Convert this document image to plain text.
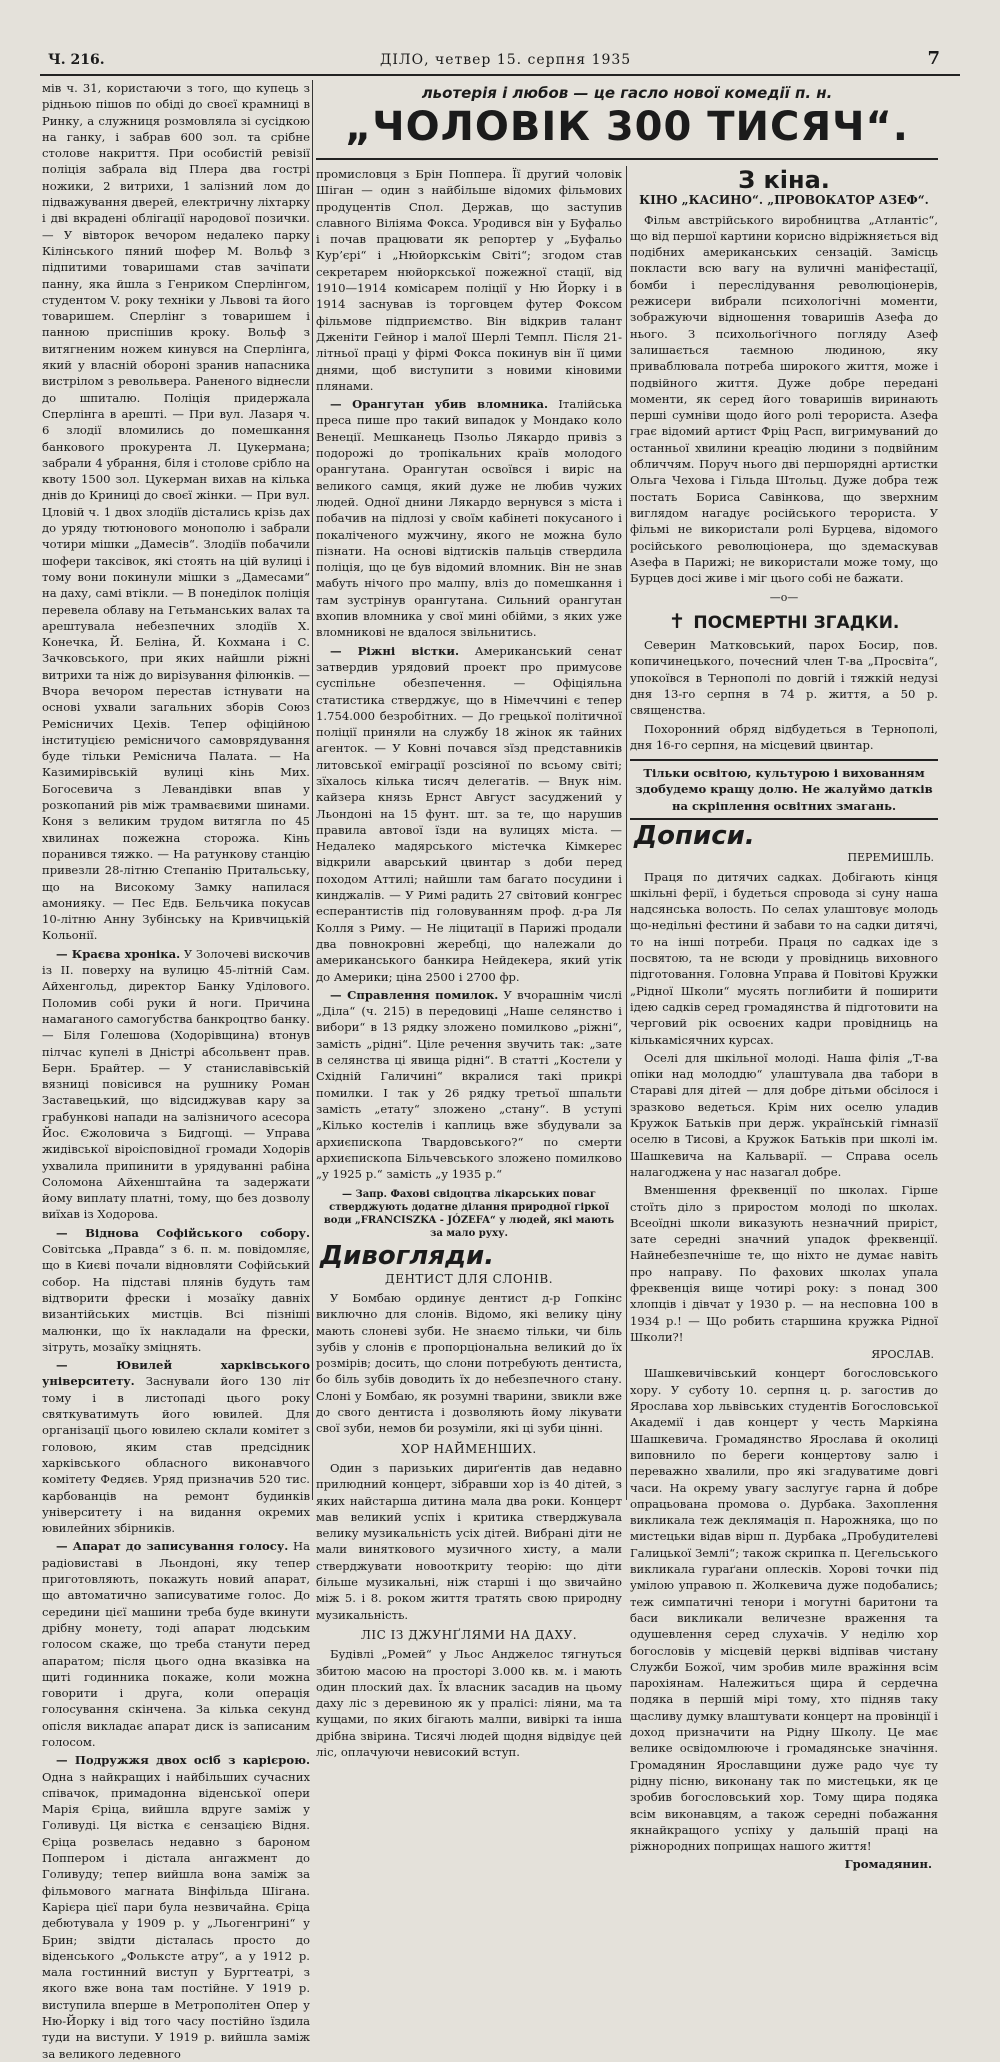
Ч. 216.	ДІЛО, четвер 15. серпня 1935	7

мів ч. 31, користаючи з того, що купець з рідньою пішов по обіді до своєї крамниці в Ринку, а служниця розмовляла зі сусідкою на ганку, і забрав 600 зол. та срібне столове накриття. При особистій ревізії поліція забрала від Плера два гострі ножики, 2 витрихи, 1 залізний лом до підважування дверей, електричну ліхтарку і дві вкрадені облігації народової позички. — У вівторок вечором недалеко парку Кілінського пяний шофер М. Вольф з підпитими товаришами став зачіпати панну, яка йшла з Генриком Сперлінгом, студентом V. року техніки у Львові та його товаришем. Сперлінг з товаришем і панною приспішив кроку. Вольф з витягненим ножем кинувся на Сперлінга, який у власній обороні зранив напасника вистрілом з револьвера. Раненого віднесли до шпиталю. Поліція придержала Сперлінга в арешті. — При вул. Лазаря ч. 6 злодії вломились до помешкання банкового прокурента Л. Цукермана; забрали 4 убрання, біля і столове срібло на квоту 1500 зол. Цукерман вихав на кілька днів до Криниці до своєї жінки. — При вул. Цловій ч. 1 двох злодіїв дістались крізь дах до уряду тютюнового монополю і забрали чотири мішки „Дамесів“. Злодіїв побачили шофери таксівок, які стоять на цій вулиці і тому вони покинули мішки з „Дамесами“ на даху, самі втікли. — В понеділок поліція перевела облаву на Гетьманських валах та арештувала небезпечних злодіїв Х. Конечка, Й. Беліна, Й. Кохмана і С. Зачковського, при яких найшли ріжні витрихи та ніж до вирізування філюнків. — Вчора вечором перестав істнувати на основі ухвали загальних зборів Союз Ремісничих Цехів. Тепер офіційною інституцією ремісничого самоврядування буде тільки Ремісничa Палата. — На Казимирівській вулиці кінь Мих. Богосевича з Левандівки впав у розкопаний рів між трамваєвими шинами. Коня з великим трудом витягла по 45 хвилинах пожежна сторожа. Кінь поранився тяжко. — На ратункову станцію привезли 28-літню Степанію Притальську, що на Високому Замку напилася амонияку. — Пес Едв. Бельчика покусав 10-літню Анну Зубінську на Кривчицькій Кольонії.

— Краєва хроніка. У Золочеві вискочив із II. поверху на вулицю 45-літній Сам. Айхенгольд, директор Банку Уділового. Поломив собі руки й ноги. Причина намаганого самогубства банкрoцтво банку. — Біля Голешова (Ходорівщина) втонув пілчас купелі в Дністрі абсольвент прав. Берн. Брайтер. — У станиславівській вязниці повісився на рушнику Роман Заставецький, що відсиджував кару за грабункові напади на залізничого асесора Йос. Єжоловича з Бидгощі. — Управа жидівської віроісповідної громади Ходорів ухвалила припинити в урядуванні рабіна Соломона Айхенштайна та задержати йому виплату платні, тому, що без дозволу виїхав із Ходорова.

— Віднова Софійського собору. Совітська „Правда“ з 6. п. м. повідомляє, що в Києві почали відновляти Софійський собор. На підставі плянів будуть там відтворити фрески і мозаїку давніх византійських мистців. Всі пізніші малюнки, що їх накладали на фрески, зітруть, мозаїку зміцнять.

— Ювилей харківського університету. Заснували його 130 літ тому і в листопаді цього року святкуватимуть його ювилей. Для організації цього ювилею склали комітет з головою, яким став предсідник харківського обласного виконавчого комітету Федяєв. Уряд призначив 520 тис. карбованців на ремонт будинків університету і на видання окремих ювилейних збірників.

— Апарат до записування голосу. На радіовиставі в Льондоні, яку тепер приготовляють, покажуть новий апарат, що автоматично записуватиме голос. До середини цієї машини треба буде вкинути дрібну монету, тоді апарат людським голосом скаже, що треба станути перед апаратом; після цього одна вказівка на щиті годинника покаже, коли можна говорити і друга, коли операція голосування скінчена. За кілька секунд опісля викладає апарат диск із записаним голосом.

— Подружжя двох осіб з карієрою. Одна з найкращих і найбільших сучасних співачок, примадонна віденської опери Марія Єріца, вийшла вдруге заміж у Голивуді. Ця вістка є сензацією Відня. Єріца розвелась недавно з бароном Поппером і дістала ангажмент до Голивуду; тепер вийшла вона заміж за фільмового магната Вінфільда Шігана. Карієра цієї пари була незвичайна. Єріца дебютувала у 1909 р. у „Льогенгрині“ у Брин; звідти дісталась просто до віденського „Фольксте атру“, а у 1912 р. мала гостинний виступ у Бургтеатрі, з якого вже вона там постійне. У 1919 р. виступила вперше в Метрополітен Опер у Ню-Йорку і від того часу постійно їздила туди на виступи. У 1919 р. вийшла заміж за великого ледевного

льотерія і любов — це гасло нової комедії п. н.
„ЧОЛОВІК 300 ТИСЯЧ“.

промисловця з Брін Поппера. Її другий чоловік Шіган — один з найбільше відомих фільмових продуцентів Спол. Держав, що заступив славного Віліяма Фокса. Уродився він у Буфальо і почав працювати як репортер у „Буфальо Кур’єрі“ і „Нюйоркськім Світі“; згодом став секретарем нюйоркської пожежної стації, від 1910—1914 комісарем поліції у Ню Йорку і в 1914 заснував із торговцем футер Фоксом фільмове підприємство. Він відкрив талант Дженіти Гейнор і малої Шерлі Темпл. Після 21-літньої праці у фірмі Фокса покинув він її цими днями, щоб виступити з новими кіновими плянами.

— Орангутан убив вломника. Італійська преса пише про такий випадок у Мондако коло Венеції. Мешканець Пзольо Лякардо привіз з подорожі до тропікальних країв молодого орангутана. Орангутан освоївся і виріс на великого самця, який дуже не любив чужих людей. Одної днини Лякардо вернувся з міста і побачив на підлозі у своїм кабінеті покусаного і покаліченого мужчину, якого не можна було пізнати. На основі відтисків пальців ствердила поліція, що це був відомий вломник. Він не знав мабуть нічого про малпу, вліз до помешкання і там зустрінув орангутана. Сильний орангутан вхопив вломника у свої мині обійми, з яких уже вломникові не вдалося звільнитись.

— Ріжні вістки. Американський сенат затвердив урядовий проект про примусове суспільне обезпечення. — Офіціяльна статистика стверджує, що в Німеччині є тепер 1.754.000 безробітних. — До грецької політичної поліції приняли на службу 18 жінок як тайних агенток. — У Ковні почався зїзд представників литовської еміграції розсіяної по всьому світі; зїхалось кілька тисяч делегатів. — Внук нім. кайзера князь Ернст Август засуджений у Льондоні на 15 фунт. шт. за те, що нарушив правила автової їзди на вулицях міста. — Недалеко мадярського містечка Кімкерес відкрили аварський цвинтар з доби перед походом Аттилі; найшли там багато посудини і кинджалів. — У Римі радить 27 світовий конгрес есперантистів під головуванням проф. д-ра Ля Колля з Риму. — Не ліцитації в Парижі продали два повнокровні жеребці, що належали до американського банкира Нейдекера, який утік до Америки; ціна 2500 і 2700 фр.

— Справлення помилок. У вчорашнім числі „Діла“ (ч. 215) в передовиці „Наше селянство і вибори“ в 13 рядку зложено помилково „ріжні“, замість „рідні“. Ціле речення звучить так: „зате в селянства ці явища рідні“. В статті „Костели у Східній Галичині“ вкралися такі прикрі помилки. І так у 26 рядку третьої шпальти замість „етату“ зложено „стану“. В уступі „Кілько костелів і каплиць вже збудували за архиєпископа Твардовського?“ по смерти архиєпископа Більчевського зложено помилково „у 1925 р.“ замість „у 1935 р.“

— Запр. Фахові свідоцтва лікарських поваг стверджують додатне ділання природної гіркої води „FRANCISZKA - JÓZEFA“ у людей, які мають за мало руху.
Дивогляди.
ДЕНТИСТ ДЛЯ СЛОНІВ.

У Бомбаю ординує дентист д-р Гопкінс виключно для слонів. Відомо, які велику ціну мають слоневі зуби. Не знаємо тільки, чи біль зубів у слонів є пропорціональна великий до їх розмірів; досить, що слони потребують дентиста, бо біль зубів доводить їх до небезпечного стану. Слоні у Бомбаю, як розумні тварини, звикли вже до свого дентиста і дозволяють йому лікувати свої зуби, немов би розуміли, які ці зуби цінні.

ХОР НАЙМЕНШИХ.

Один з паризьких дириґентів дав недавно прилюдний концерт, зібравши хор із 40 дітей, з яких найстарша дитина мала два роки. Концерт мав великий успіх і критика стверджувала велику музикальність усіх дітей. Вибрані діти не мали виняткового музичного хисту, а мали стверджувати новооткриту теорію: що діти більше музикальні, ніж старші і що звичайно між 5. і 8. роком життя тратять свою природну музикальність.

ЛІС ІЗ ДЖУНҐЛЯМИ НА ДАХУ.

Будівлі „Ромей“ у Льос Анджелос тягнуться збитою масою на просторі 3.000 кв. м. і мають один плоский дах. Їх власник засадив на цьому даху ліс з деревиною як у пралісі: ліяни, ма та кущами, по яких бігають малпи, вивіркі та інша дрібна звірина. Тисячі людей щодня відвідує цей ліс, оплачуючи невисокий вступ.

З кіна.
КІНО „КАСИНО“. „ПРОВОКАТОР АЗЕФ“.

Фільм австрійського виробництва „Атлантіс“, що від першої картини корисно відріжняється від подібних американських сензацій. Замісць покласти всю вагу на вуличні маніфестації, бомби і переслідування революціонерів, режисери вибрали психологічні моменти, зображуючи відношення товаришів Азефа до нього. З психольоґічного погляду Азеф залишається таємною людиною, яку приваблювала потреба широкого життя, може і подвійного життя. Дуже добре передані моменти, як серед його товаришів виринають перші сумніви щодо його ролі терориста. Азефа грає відомий артист Фріц Расп, вигримуваний до останньої хвилини креацію людини з подвійним обличчям. Поруч нього дві першорядні артистки Ольга Чехова і Гільда Штольц. Дуже добра теж постать Бориса Савінкова, що зверхним виглядом нагадує російського терориста. У фільмі не використали ролі Бурцева, відомого російського революціонера, що здемаскував Азефа в Парижі; не використали може тому, що Бурцев досі живе і міг цього собі не бажати.

—o—
✝ ПОСМЕРТНІ ЗГАДКИ.

Северин Матковський, парох Босир, пов. копичинецького, почесний член Т-ва „Просвіта“, упокоївся в Тернополі по довгій і тяжкій недузі дня 13-го серпня в 74 р. життя, а 50 р. священства.

Похоронний обряд відбудеться в Тернополі, дня 16-го серпня, на місцевий цвинтар.

Тільки освітою, культурою і вихованням здобудемо кращу долю. Не жалуймо датків на скріплення освітних змагань.
Дописи.
ПЕРЕМИШЛЬ.

Праця по дитячих садках. Добігають кінця шкільні ферії, і будеться спровода зі суну наша надсянська волость. По селах улаштовує молодь що-недільні фестини й забави то на садки дитячі, то на інші потреби. Праця по садках іде з посвятою, та не всюди у провідниць виховного підготовання. Головна Управа й Повітові Кружки „Рідної Школи“ мусять поглибити й поширити ідею садків серед громадянства й підготовити на черговий рік освоєних кадри провідниць на кількамісячних курсах.

Оселі для шкільної молоді. Наша філія „Т-ва опіки над молоддю“ улаштувала два табори в Стараві для дітей — для добре дітьми обсілося і зразково ведеться. Крім них оселю уладив Кружок Батьків при держ. українській гімназії оселю в Тисові, а Кружок Батьків при школі ім. Шашкевича на Кальварії. — Справа осель налагоджена у нас назагал добре.

Вменшення фреквенції по школах. Гірше стоїть діло з приростом молоді по школах. Всеоїдні школи виказують незначний приріст, зате середні значний упадок фреквенції. Найнебезпечніше те, що ніхто не думає навіть про направу. По фахових школах упала фреквенція вище чотирі року: з понад 300 хлопців і дівчат у 1930 р. — на несповна 100 в 1934 р.! — Що робить старшина кружка Рідної Школи?!

ЯРОСЛАВ.

Шашкевичівський концерт богословського хору. У суботу 10. серпня ц. р. загостив до Ярослава хор львівських студентів Богословської Академії і дав концерт у честь Маркіяна Шашкевича. Громадянство Ярослава й околиці виповнило по береги концертову залю і переважно хвалили, про які згадуватиме довгі часи. На окрему увагу заслугує гарна й добре опрацьована промова о. Дурбака. Захоплення викликала теж деклямація п. Нарожняка, що по мистецьки відав вірш п. Дурбака „Пробудителеві Галицької Землі“; також скрипка п. Цегельського викликала гураґани оплесків. Хорові точки під умілою управою п. Жолкевича дуже подобались; теж симпатичні тенори і могутні баритони та баси викликали величезне враження та одушевлення серед слухачів. У неділю хор богословів у місцевій церкві відпівав чистану Служби Божої, чим зробив миле вражіння всім парохіянам. Належиться щира й сердечна подяка в першій мірі тому, хто підняв таку щасливу думку влаштувати концерт на провінції і доход призначити на Рідну Школу. Це має велике освідомлююче і громадянське значіння. Громадянин Ярославщини дуже радо чує ту рідну пісню, виконану так по мистецьки, як це зробив богословський хор. Тому щира подяка всім виконавцям, а також середні побажання якнайкращого успіху у дальшій праці на ріжнородних поприщах нашого життя!

Громадянин.
